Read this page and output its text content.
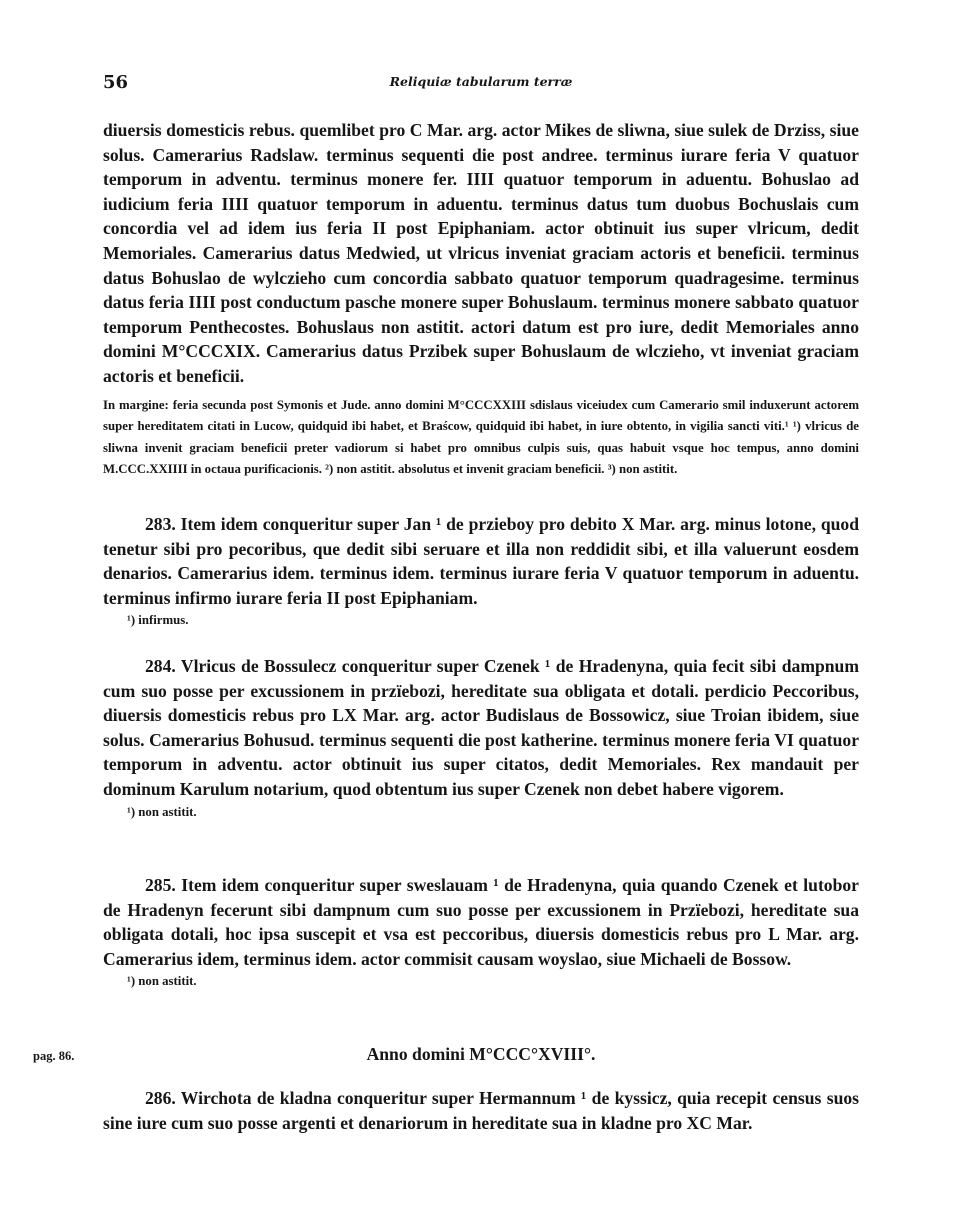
56	Reliquiæ tabularum terræ

diuersis domesticis rebus. quemlibet pro C Mar. arg. actor Mikes de sliwna, siue sulek de Drziss, siue solus. Camerarius Radslaw. terminus sequenti die post andree. terminus iurare feria V quatuor temporum in adventu. terminus monere fer. IIII quatuor temporum in aduentu. Bohuslao ad iudicium feria IIII quatuor temporum in aduentu. terminus datus tum duobus Bochuslais cum concordia vel ad idem ius feria II post Epiphaniam. actor obtinuit ius super vlricum, dedit Memoriales. Camerarius datus Medwied, ut vlricus inveniat graciam actoris et beneficii. terminus datus Bohuslao de wylczieho cum concordia sabbato quatuor temporum quadragesime. terminus datus feria IIII post conductum pasche monere super Bohuslaum. terminus monere sabbato quatuor temporum Penthecostes. Bohuslaus non astitit. actori datum est pro iure, dedit Memoriales anno domini M°CCCXIX. Camerarius datus Przibek super Bohuslaum de wlczieho, vt inveniat graciam actoris et beneficii.

In margine: feria secunda post Symonis et Jude. anno domini M°CCCXXIII sdislaus viceiudex cum Camerario smil induxerunt actorem super hereditatem citati in Lucow, quidquid ibi habet, et Braścow, quidquid ibi habet, in iure obtento, in vigilia sancti viti.¹ ¹) vlricus de sliwna invenit graciam beneficii preter vadiorum si habet pro omnibus culpis suis, quas habuit vsque hoc tempus, anno domini M.CCC.XXIIII in octaua purificacionis. ²) non astitit. absolutus et invenit graciam beneficii. ³) non astitit.

283. Item idem conqueritur super Jan ¹ de przieboy pro debito X Mar. arg. minus lotone, quod tenetur sibi pro pecoribus, que dedit sibi seruare et illa non reddidit sibi, et illa valuerunt eosdem denarios. Camerarius idem. terminus idem. terminus iurare feria V quatuor temporum in aduentu. terminus infirmo iurare feria II post Epiphaniam.

¹) infirmus.

284. Vlricus de Bossulecz conqueritur super Czenek ¹ de Hradenyna, quia fecit sibi dampnum cum suo posse per excussionem in przïebozi, hereditate sua obligata et dotali. perdicio Peccoribus, diuersis domesticis rebus pro LX Mar. arg. actor Budislaus de Bossowicz, siue Troian ibidem, siue solus. Camerarius Bohusud. terminus sequenti die post katherine. terminus monere feria VI quatuor temporum in adventu. actor obtinuit ius super citatos, dedit Memoriales. Rex mandauit per dominum Karulum notarium, quod obtentum ius super Czenek non debet habere vigorem.

¹) non astitit.

285. Item idem conqueritur super sweslauam ¹ de Hradenyna, quia quando Czenek et lutobor de Hradenyn fecerunt sibi dampnum cum suo posse per excussionem in Przïebozi, hereditate sua obligata dotali, hoc ipsa suscepit et vsa est peccoribus, diuersis domesticis rebus pro L Mar. arg. Camerarius idem, terminus idem. actor commisit causam woyslao, siue Michaeli de Bossow.

¹) non astitit.

pag. 86.	Anno domini M°CCC°XVIII°.

286. Wirchota de kladna conqueritur super Hermannum ¹ de kyssicz, quia recepit census suos sine iure cum suo posse argenti et denariorum in hereditate sua in kladne pro XC Mar.
